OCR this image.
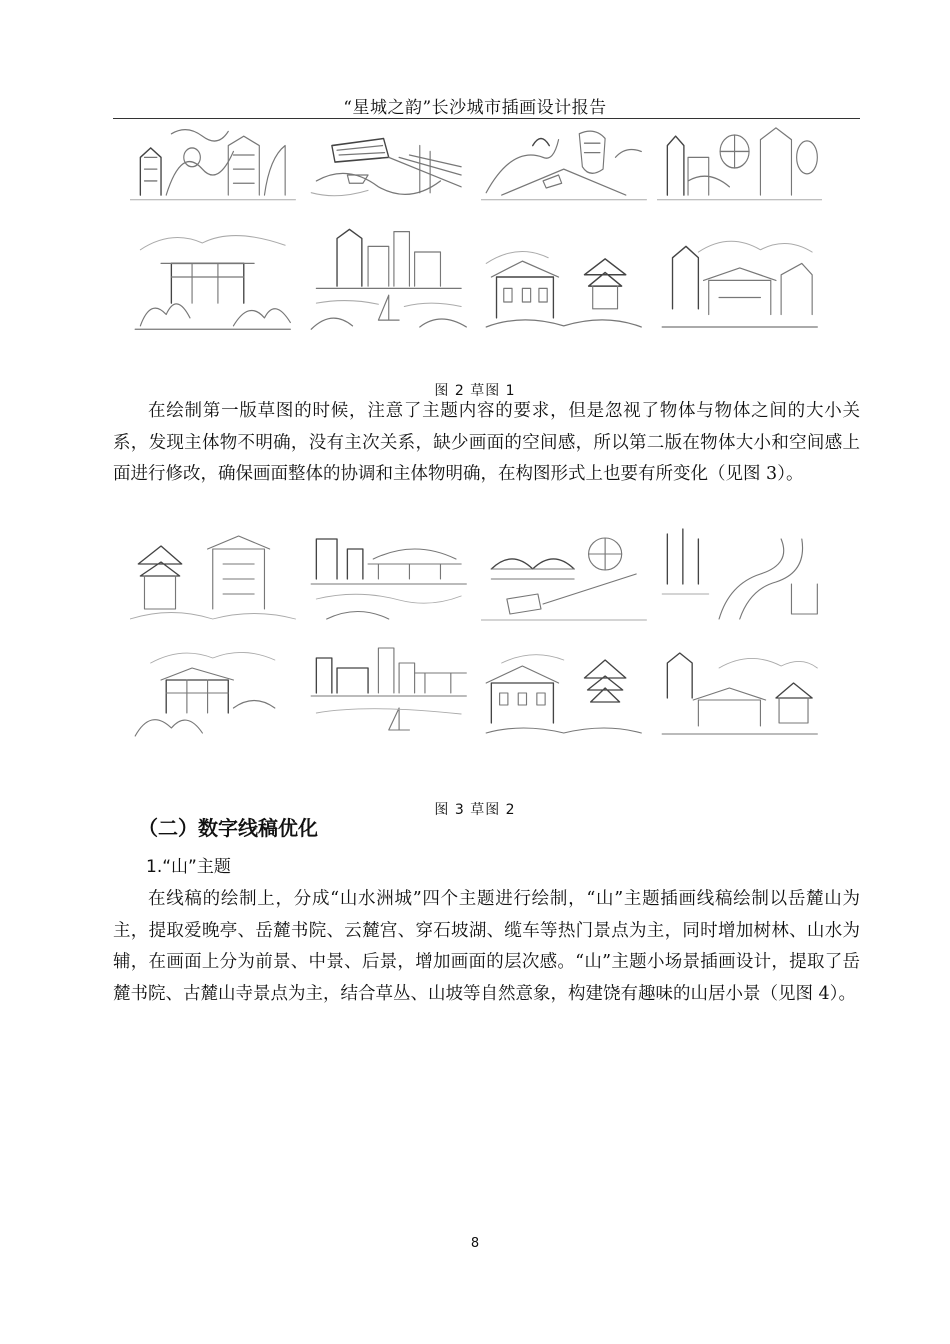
“星城之韵”长沙城市插画设计报告
图 2 草图 1

在绘制第一版草图的时候，注意了主题内容的要求，但是忽视了物体与物体之间的大小关系，发现主体物不明确，没有主次关系，缺少画面的空间感，所以第二版在物体大小和空间感上面进行修改，确保画面整体的协调和主体物明确，在构图形式上也要有所变化（见图 3）。

图 3 草图 2
（二）数字线稿优化
1.“山”主题

在线稿的绘制上，分成“山水洲城”四个主题进行绘制，“山”主题插画线稿绘制以岳麓山为主，提取爱晚亭、岳麓书院、云麓宫、穿石坡湖、缆车等热门景点为主，同时增加树林、山水为辅，在画面上分为前景、中景、后景，增加画面的层次感。“山”主题小场景插画设计，提取了岳麓书院、古麓山寺景点为主，结合草丛、山坡等自然意象，构建饶有趣味的山居小景（见图 4）。

8
